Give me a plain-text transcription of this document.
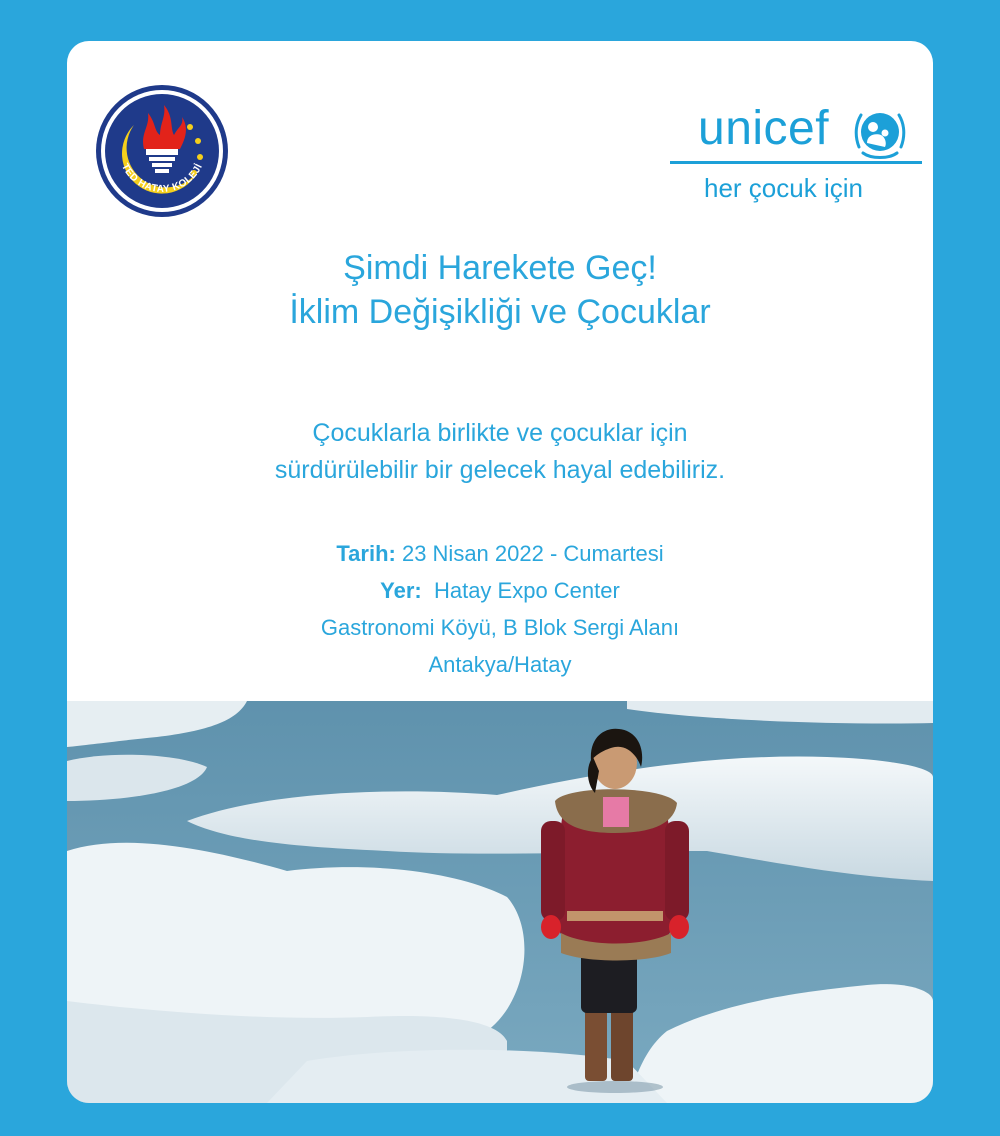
TED HATAY KOLEJİ
unicef
her çocuk için
Şimdi Harekete Geç!
İklim Değişikliği ve Çocuklar
Çocuklarla birlikte ve çocuklar için
sürdürülebilir bir gelecek hayal edebiliriz.
Tarih: 23 Nisan 2022 - Cumartesi
Yer:  Hatay Expo Center
Gastronomi Köyü, B Blok Sergi Alanı
Antakya/Hatay
